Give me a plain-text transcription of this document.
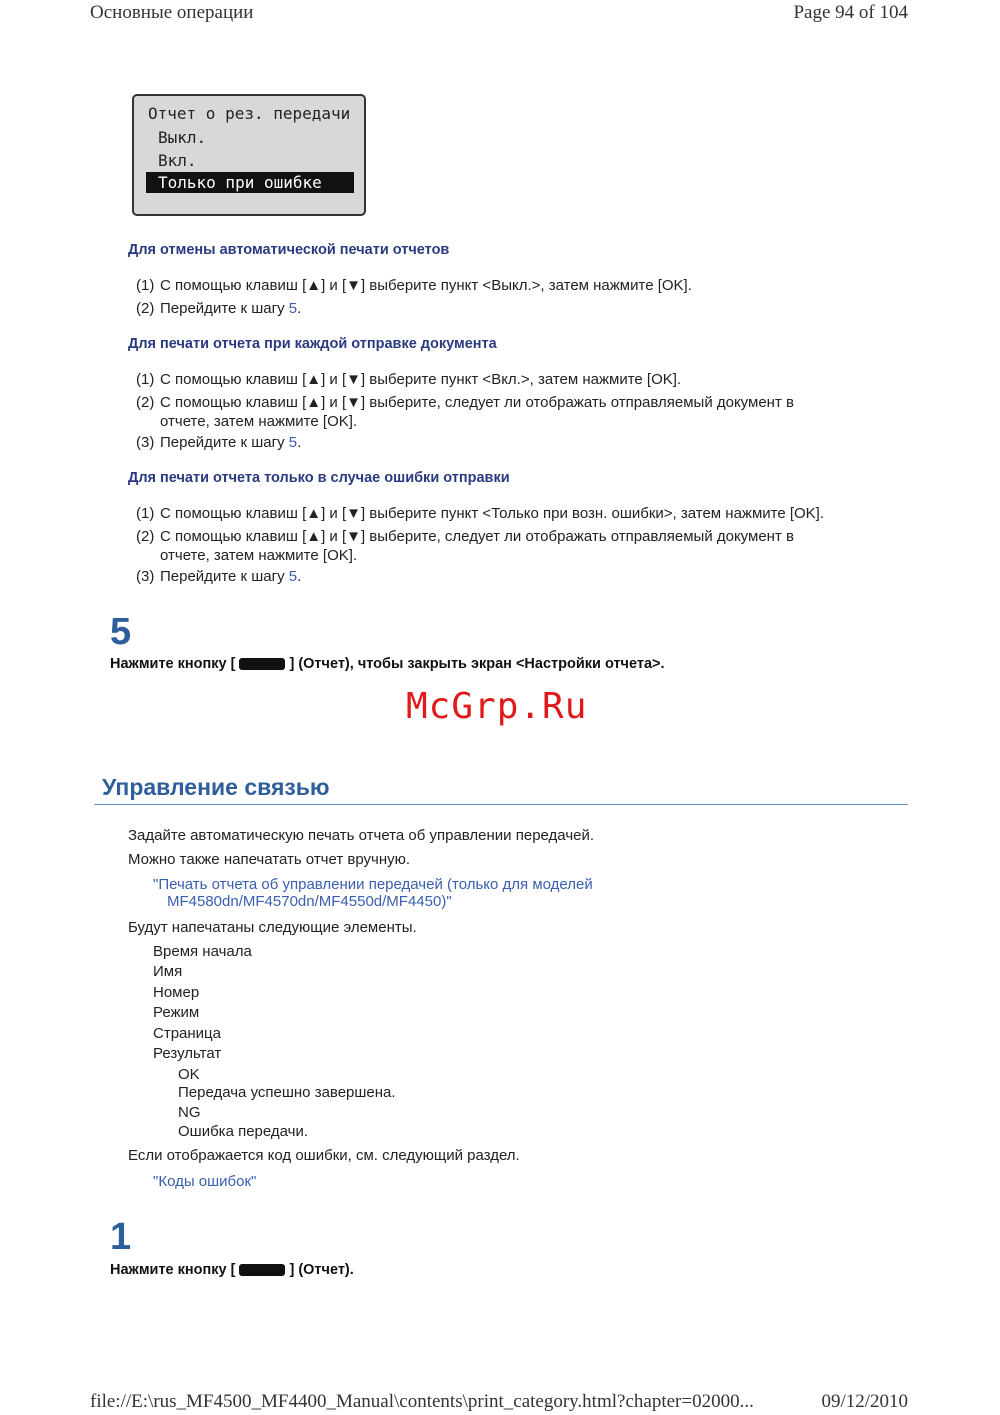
Основные операции	Page 94 of 104
Отчет о рез. передачи
Выкл.
Вкл.
Только при ошибке
Для отмены автоматической печати отчетов
(1) С помощью клавиш [▲] и [▼] выберите пункт <Выкл.>, затем нажмите [OK].
(2) Перейдите к шагу 5.
Для печати отчета при каждой отправке документа
(1) С помощью клавиш [▲] и [▼] выберите пункт <Вкл.>, затем нажмите [OK].
(2) С помощью клавиш [▲] и [▼] выберите, следует ли отображать отправляемый документ в
отчете, затем нажмите [OK].
(3) Перейдите к шагу 5.
Для печати отчета только в случае ошибки отправки
(1) С помощью клавиш [▲] и [▼] выберите пункт <Только при возн. ошибки>, затем нажмите [OK].
(2) С помощью клавиш [▲] и [▼] выберите, следует ли отображать отправляемый документ в
отчете, затем нажмите [OK].
(3) Перейдите к шагу 5.
5
Нажмите кнопку [	] (Отчет), чтобы закрыть экран <Настройки отчета>.
McGrp.Ru
Управление связью
Задайте автоматическую печать отчета об управлении передачей.
Можно также напечатать отчет вручную.
"Печать отчета об управлении передачей (только для моделей
MF4580dn/MF4570dn/MF4550d/MF4450)"
Будут напечатаны следующие элементы.
Время начала
Имя
Номер
Режим
Страница
Результат
OK
Передача успешно завершена.
NG
Ошибка передачи.
Если отображается код ошибки, см. следующий раздел.
"Коды ошибок"
1
Нажмите кнопку [	] (Отчет).
file://E:\rus_MF4500_MF4400_Manual\contents\print_category.html?chapter=02000...	09/12/2010
